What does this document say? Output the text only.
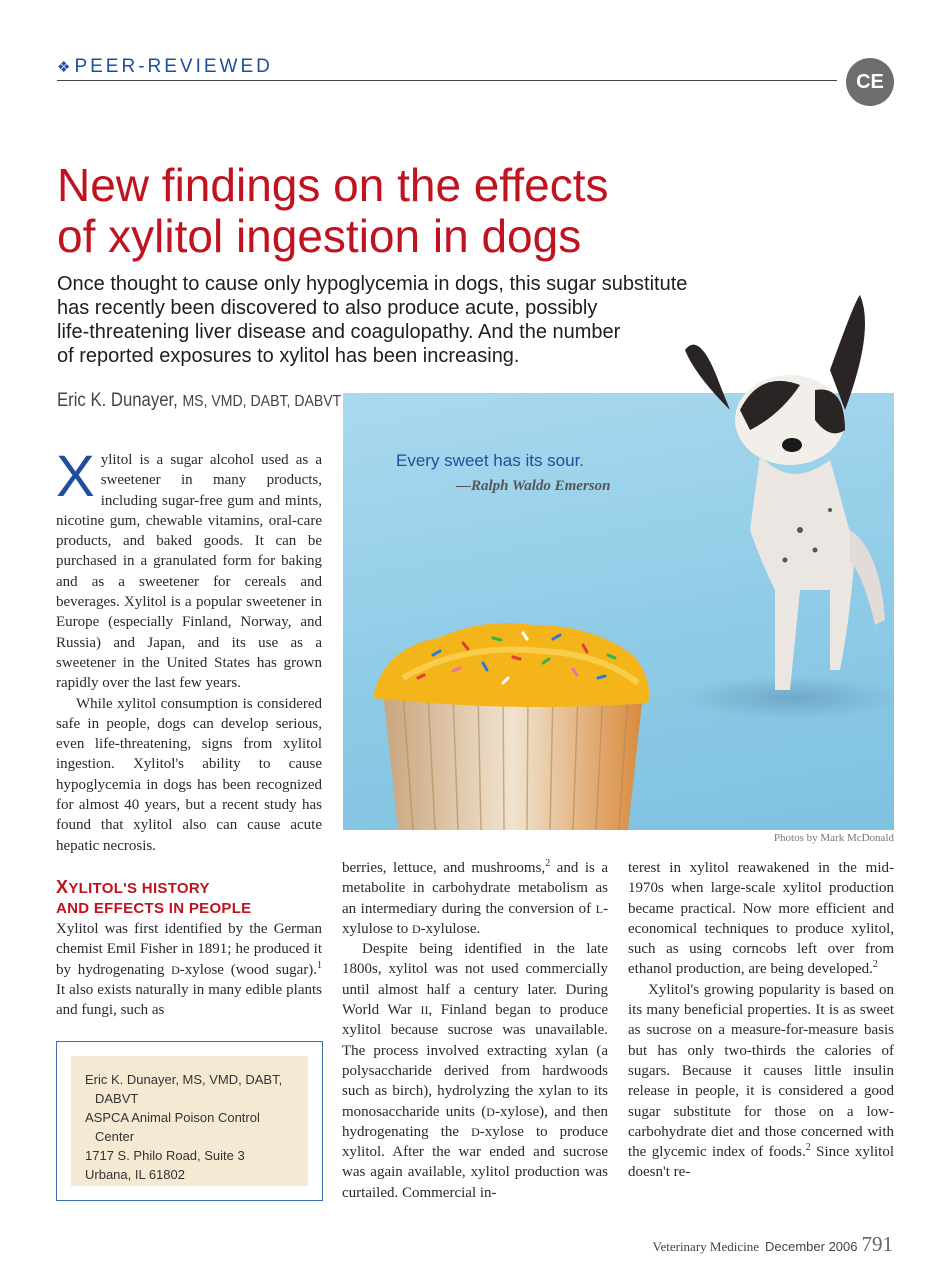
❖ PEER-REVIEWED
CE
New findings on the effects
of xylitol ingestion in dogs
Once thought to cause only hypoglycemia in dogs, this sugar substitute
has recently been discovered to also produce acute, possibly
life-threatening liver disease and coagulopathy. And the number
of reported exposures to xylitol has been increasing.
Eric K. Dunayer, MS, VMD, DABT, DABVT
Every sweet has its sour.
—Ralph Waldo Emerson
Photos by Mark McDonald

Xylitol is a sugar alcohol used as a sweetener in many products, including sugar-free gum and mints, nicotine gum, chewable vitamins, oral-care products, and baked goods. It can be purchased in a granulated form for baking and as a sweetener for cereals and beverages. Xylitol is a popular sweetener in Europe (especially Finland, Norway, and Russia) and Japan, and its use as a sweetener in the United States has grown rapidly over the last few years.

While xylitol consumption is considered safe in people, dogs can develop serious, even life-threatening, signs from xylitol ingestion. Xylitol's ability to cause hypoglycemia in dogs has been recognized for almost 40 years, but a recent study has found that xylitol also can cause acute hepatic necrosis.

XYLITOL'S HISTORY
AND EFFECTS IN PEOPLE

Xylitol was first identified by the German chemist Emil Fisher in 1891; he produced it by hydrogenating D-xylose (wood sugar).$^1$ It also exists naturally in many edible plants and fungi, such as

Eric K. Dunayer, MS, VMD, DABT,
DABVT
ASPCA Animal Poison Control
Center
1717 S. Philo Road, Suite 3
Urbana, IL 61802

berries, lettuce, and mushrooms,$^2$ and is a metabolite in carbohydrate metabolism as an intermediary during the conversion of L-xylulose to D-xylulose.

Despite being identified in the late 1800s, xylitol was not used commercially until almost half a century later. During World War II, Finland began to produce xylitol because sucrose was unavailable. The process involved extracting xylan (a polysaccharide derived from hardwoods such as birch), hydrolyzing the xylan to its monosaccharide units (D-xylose), and then hydrogenating the D-xylose to produce xylitol. After the war ended and sucrose was again available, xylitol production was curtailed. Commercial in-

terest in xylitol reawakened in the mid-1970s when large-scale xylitol production became practical. Now more efficient and economical techniques to produce xylitol, such as using corncobs left over from ethanol production, are being developed.$^2$

Xylitol's growing popularity is based on its many beneficial properties. It is as sweet as sucrose on a measure-for-measure basis but has only two-thirds the calories of sugars. Because it causes little insulin release in people, it is considered a good sugar substitute for those on a low-carbohydrate diet and those concerned with the glycemic index of foods.$^2$ Since xylitol doesn't re-

Veterinary Medicine December 2006 791
